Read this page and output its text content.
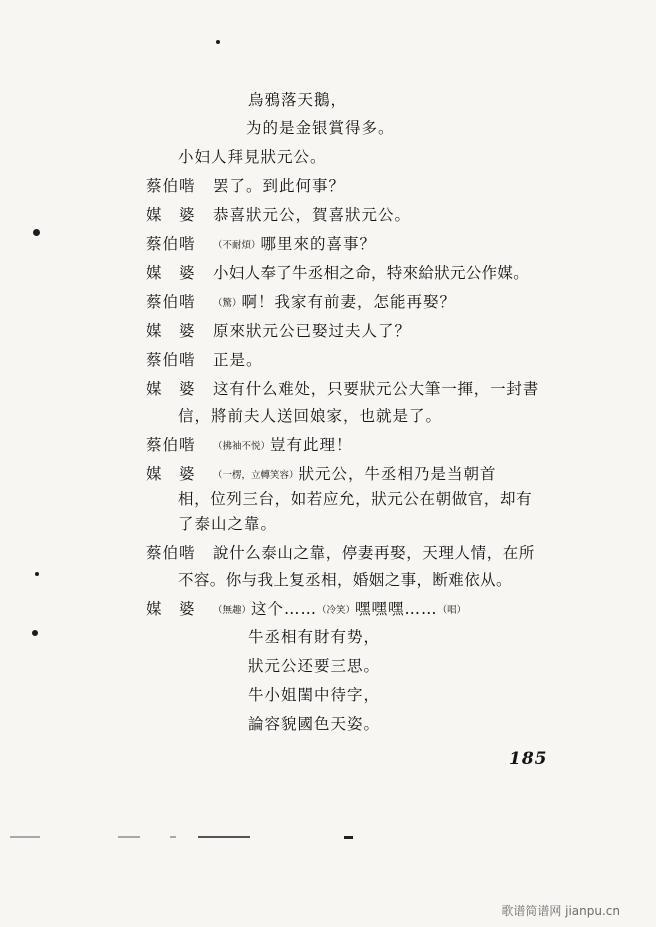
烏鴉落天鵝，
为的是金银賞得多。
小妇人拜見狀元公。
蔡伯喈 罢了。到此何事？
媒　婆 恭喜狀元公，賀喜狀元公。
蔡伯喈 （不耐煩）哪里來的喜事？
媒　婆 小妇人奉了牛丞相之命，特來給狀元公作媒。
蔡伯喈 （驚）啊！我家有前妻，怎能再娶？
媒　婆 原來狀元公已娶过夫人了？
蔡伯喈 正是。
媒　婆 这有什么难处，只要狀元公大筆一揮，一封書
信，將前夫人送回娘家，也就是了。
蔡伯喈 （拂袖不悦）豈有此理！
媒　婆 （一楞，立轉笑容）狀元公，牛丞相乃是当朝首
相，位列三台，如若应允，狀元公在朝做官，却有
了泰山之靠。
蔡伯喈 說什么泰山之靠，停妻再娶，天理人情，在所
不容。你与我上复丞相，婚姻之事，断难依从。
媒　婆 （無趣）这个……（冷笑）嘿嘿嘿……（唱）
牛丞相有財有势，
狀元公还要三思。
牛小姐閨中待字，
論容貌國色天姿。
185
歌谱简谱网 jianpu.cn
